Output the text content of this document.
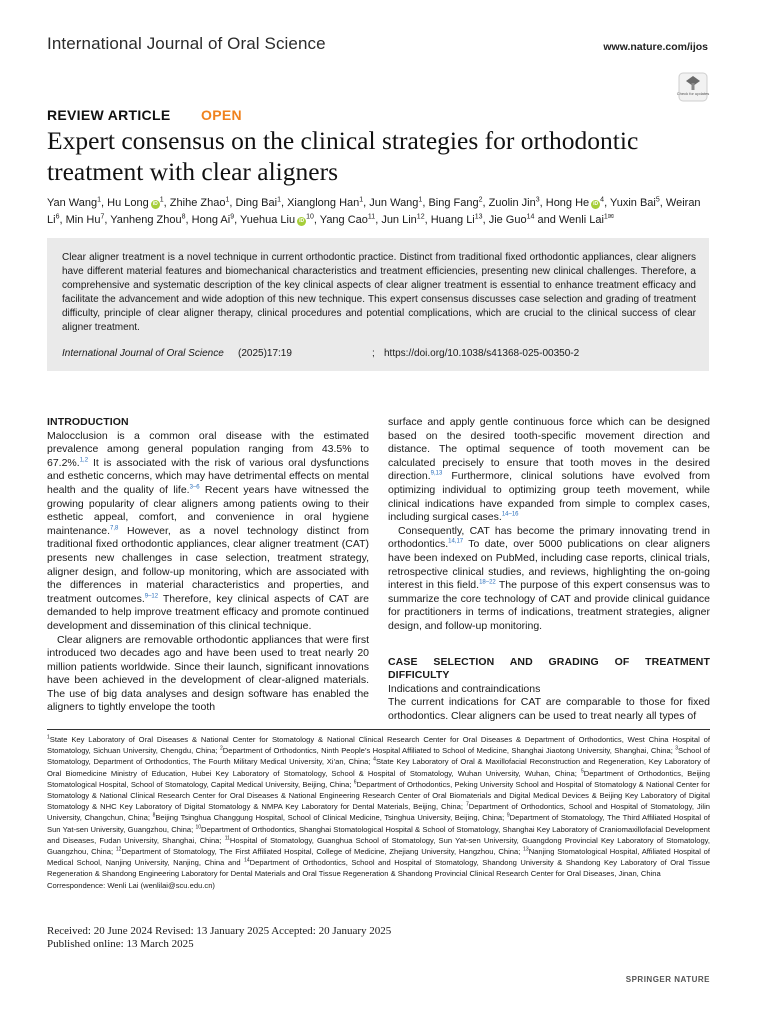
International Journal of Oral Science	www.nature.com/ijos
Check for updates
REVIEW ARTICLE OPEN
Expert consensus on the clinical strategies for orthodontic
treatment with clear aligners
Yan Wang$^1$, Hu Long $iD^1$, Zhihe Zhao$^1$, Ding Bai$^1$, Xianglong Han$^1$, Jun Wang$^1$, Bing Fang$^2$, Zuolin Jin$^3$, Hong He $iD^4$, Yuxin Bai$^5$, Weiran Li$^6$, Min Hu$^7$, Yanheng Zhou$^8$, Hong Ai$^9$, Yuehua Liu $iD^{10}$, Yang Cao$^{11}$, Jun Lin$^{12}$, Huang Li$^{13}$, Jie Guo$^{14}$ and Wenli Lai$^{1✉}$
Clear aligner treatment is a novel technique in current orthodontic practice. Distinct from traditional fixed orthodontic appliances, clear aligners have different material features and biomechanical characteristics and treatment efficiencies, presenting new clinical challenges. Therefore, a comprehensive and systematic description of the key clinical aspects of clear aligner treatment is essential to enhance treatment efficacy and facilitate the advancement and wide adoption of this new technique. This expert consensus discusses case selection and grading of treatment difficulty, principle of clear aligner therapy, clinical procedures and potential complications, which are crucial to the clinical success of clear aligner treatment.
International Journal of Oral Science (2025)17:19	; https://doi.org/10.1038/s41368-025-00350-2

INTRODUCTION

Malocclusion is a common oral disease with the estimated prevalence among general population ranging from 43.5% to 67.2%.$^{1,2}$ It is associated with the risk of various oral dysfunctions and esthetic concerns, which may have detrimental effects on mental health and the quality of life.$^{3-6}$ Recent years have witnessed the growing popularity of clear aligners among patients owing to their esthetic appeal, comfort, and convenience in oral hygiene maintenance.$^{7,8}$ However, as a novel technology distinct from traditional fixed orthodontic appliances, clear aligner treatment (CAT) presents new challenges in case selection, treatment strategy, aligner design, and follow-up monitoring, which are associated with the differences in material characteristics and properties, and treatment outcomes.$^{9-12}$ Therefore, key clinical aspects of CAT are demanded to help improve treatment efficacy and promote continued development and dissemination of this clinical technique.

Clear aligners are removable orthodontic appliances that were first introduced two decades ago and have been used to treat nearly 20 million patients worldwide. Since their launch, significant innovations have been achieved in the development of clear-aligned materials. The use of big data analyses and design software has enabled the aligners to tightly envelope the tooth

surface and apply gentle continuous force which can be designed based on the desired tooth-specific movement direction and distance. The optimal sequence of tooth movement can be calculated precisely to ensure that tooth moves in the desired direction.$^{9,13}$ Furthermore, clinical solutions have evolved from optimizing individual to optimizing group teeth movement, while clinical indications have expanded from simple to complex cases, including surgical cases.$^{14-16}$

Consequently, CAT has become the primary innovating trend in orthodontics.$^{14,17}$ To date, over 5000 publications on clear aligners have been indexed on PubMed, including case reports, clinical trials, retrospective clinical studies, and reviews, highlighting the on-going interest in this field.$^{18-22}$ The purpose of this expert consensus was to summarize the core technology of CAT and provide clinical guidance for practitioners in terms of indications, treatment strategies, aligner design, and follow-up monitoring.

CASE SELECTION AND GRADING OF TREATMENT DIFFICULTY

Indications and contraindications

The current indications for CAT are comparable to those for fixed orthodontics. Clear aligners can be used to treat nearly all types of

$^1$State Key Laboratory of Oral Diseases & National Center for Stomatology & National Clinical Research Center for Oral Diseases & Department of Orthodontics, West China Hospital of Stomatology, Sichuan University, Chengdu, China; $^2$Department of Orthodontics, Ninth People’s Hospital Affiliated to School of Medicine, Shanghai Jiaotong University, Shanghai, China; $^3$School of Stomatology, Department of Orthodontics, The Fourth Military Medical University, Xi’an, China; $^4$State Key Laboratory of Oral & Maxillofacial Reconstruction and Regeneration, Key Laboratory of Oral Biomedicine Ministry of Education, Hubei Key Laboratory of Stomatology, School & Hospital of Stomatology, Wuhan University, Wuhan, China; $^5$Department of Orthodontics, Beijing Stomatological Hospital, School of Stomatology, Capital Medical University, Beijing, China; $^6$Department of Orthodontics, Peking University School and Hospital of Stomatology & National Center for Stomatology & National Clinical Research Center for Oral Diseases & National Engineering Research Center of Oral Biomaterials and Digital Medical Devices & Beijing Key Laboratory of Digital Stomatology & NHC Key Laboratory of Digital Stomatology & NMPA Key Laboratory for Dental Materials, Beijing, China; $^7$Department of Orthodontics, School and Hospital of Stomatology, Jilin University, Changchun, China; $^8$Beijing Tsinghua Changgung Hospital, School of Clinical Medicine, Tsinghua University, Beijing, China; $^9$Department of Stomatology, The Third Affiliated Hospital of Sun Yat-sen University, Guangzhou, China; $^{10}$Department of Orthodontics, Shanghai Stomatological Hospital & School of Stomatology, Shanghai Key Laboratory of Craniomaxillofacial Development and Diseases, Fudan University, Shanghai, China; $^{11}$Hospital of Stomatology, Guanghua School of Stomatology, Sun Yat-sen University, Guangdong Provincial Key Laboratory of Stomatology, Guangzhou, China; $^{12}$Department of Stomatology, The First Affiliated Hospital, College of Medicine, Zhejiang University, Hangzhou, China; $^{13}$Nanjing Stomatological Hospital, Affiliated Hospital of Medical School, Nanjing University, Nanjing, China and $^{14}$Department of Orthodontics, School and Hospital of Stomatology, Shandong University & Shandong Key Laboratory of Oral Tissue Regeneration & Shandong Engineering Laboratory for Dental Materials and Oral Tissue Regeneration & Shandong Provincial Clinical Research Center for Oral Diseases, Jinan, China
Correspondence: Wenli Lai (wenlilai@scu.edu.cn)
Received: 20 June 2024 Revised: 13 January 2025 Accepted: 20 January 2025
Published online: 13 March 2025
SPRINGER NATURE
